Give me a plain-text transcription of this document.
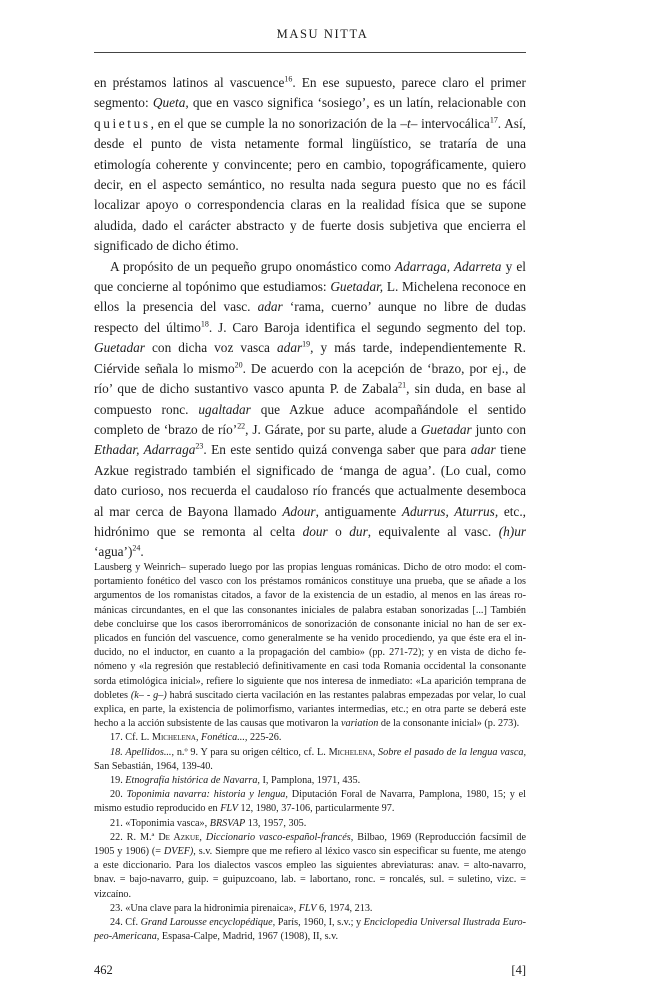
MASU NITTA

en préstamos latinos al vascuence$^{16}$. En ese supuesto, parece claro el primer segmento: Queta, que en vasco significa ‘sosiego’, es un latín, relacionable con quietus, en el que se cumple la no sonorización de la –t– intervocálica$^{17}$. Así, desde el punto de vista netamente formal lingüístico, se trataría de una etimología coherente y convincente; pero en cambio, topográficamente, quiero decir, en el aspecto semántico, no resulta nada segura puesto que no es fácil localizar apoyo o correspondencia claras en la realidad física que se supone aludida, dado el carácter abstracto y de fuerte dosis subjetiva que encierra el significado de dicho étimo.

A propósito de un pequeño grupo onomástico como Adarraga, Adarreta y el que concierne al topónimo que estudiamos: Guetadar, L. Michelena reconoce en ellos la presencia del vasc. adar ‘rama, cuerno’ aunque no libre de dudas respecto del último$^{18}$. J. Caro Baroja identifica el segundo segmento del top. Guetadar con dicha voz vasca adar$^{19}$, y más tarde, independientemente R. Ciérvide señala lo mismo$^{20}$. De acuerdo con la acepción de ‘brazo, por ej., de río’ que de dicho sustantivo vasco apunta P. de Zabala$^{21}$, sin duda, en base al compuesto ronc. ugaltadar que Azkue aduce acompañándole el sentido completo de ‘brazo de río’$^{22}$, J. Gárate, por su parte, alude a Guetadar junto con Ethadar, Adarraga$^{23}$. En este sentido quizá convenga saber que para adar tiene Azkue registrado también el significado de ‘manga de agua’. (Lo cual, como dato curioso, nos recuerda el caudaloso río francés que actualmente desemboca al mar cerca de Bayona llamado Adour, antiguamente Adurrus, Aturrus, etc., hidrónimo que se remonta al celta dour o dur, equivalente al vasc. (h)ur ‘agua’)$^{24}$.

Lausberg y Weinrich– superado luego por las propias lenguas románicas. Dicho de otro modo: el comportamiento fonético del vasco con los préstamos románicos constituye una prueba, que se añade a los argumentos de los romanistas citados, a favor de la existencia de un estadio, al menos en las áreas románicas circundantes, en el que las consonantes iniciales de palabra estaban sonorizadas [...] También debe concluirse que los casos iberorrománicos de sonorización de consonante inicial no han de ser explicados en función del vascuence, como generalmente se ha venido procediendo, ya que éste era el inducido, no el inductor, en cuanto a la propagación del cambio» (pp. 271-72); y en vista de dicho fenómeno y «la regresión que restableció definitivamente en casi toda Romania occidental la consonante sorda etimológica inicial», refiere lo siguiente que nos interesa de inmediato: «La aparición temprana de dobletes (k– - g–) habrá suscitado cierta vacilación en las restantes palabras empezadas por velar, lo cual explica, en parte, la existencia de polimorfismo, variantes intermedias, etc.; en otra parte se deberá este hecho a la acción subsistente de las causas que motivaron la variation de la consonante inicial» (p. 273).

17. Cf. L. Michelena, Fonética..., 225-26.

18. Apellidos..., n.º 9. Y para su origen céltico, cf. L. Michelena, Sobre el pasado de la lengua vasca, San Sebastián, 1964, 139-40.

19. Etnografía histórica de Navarra, I, Pamplona, 1971, 435.

20. Toponimia navarra: historia y lengua, Diputación Foral de Navarra, Pamplona, 1980, 15; y el mismo estudio reproducido en FLV 12, 1980, 37-106, particularmente 97.

21. «Toponimia vasca», BRSVAP 13, 1957, 305.

22. R. M.ª De Azkue, Diccionario vasco-español-francés, Bilbao, 1969 (Reproducción facsímil de 1905 y 1906) (= DVEF), s.v. Siempre que me refiero al léxico vasco sin especificar su fuente, me atengo a este diccionario. Para los dialectos vascos empleo las siguientes abreviaturas: anav. = alto-navarro, bnav. = bajo-navarro, guip. = guipuzcoano, lab. = labortano, ronc. = roncalés, sul. = suletino, vizc. = vizcaíno.

23. «Una clave para la hidronimia pirenaica», FLV 6, 1974, 213.

24. Cf. Grand Larousse encyclopédique, París, 1960, I, s.v.; y Enciclopedia Universal Ilustrada Europeo-Americana, Espasa-Calpe, Madrid, 1967 (1908), II, s.v.

462	[4]
